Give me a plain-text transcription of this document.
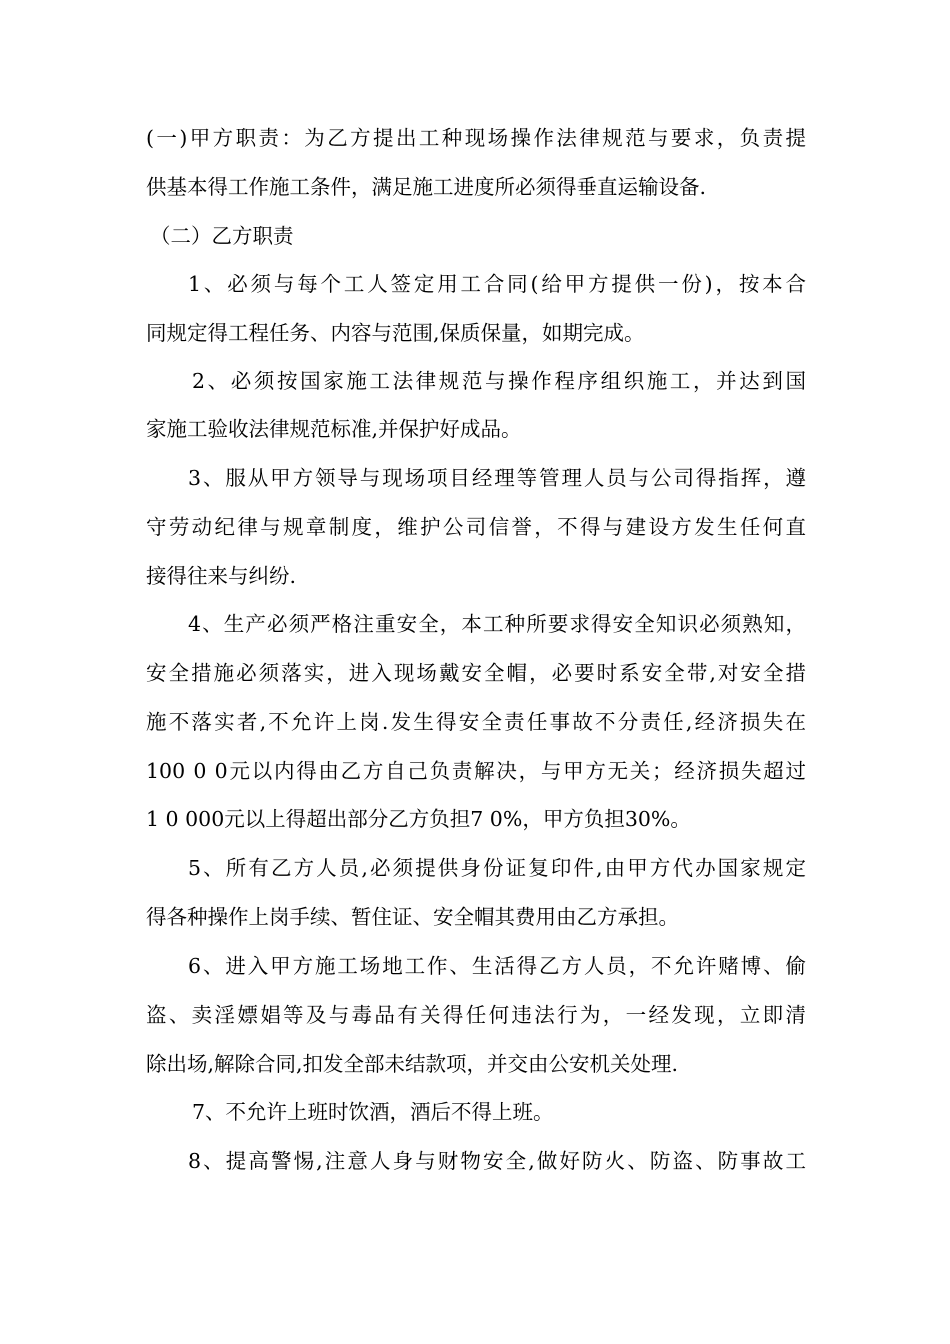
(一)甲方职责：为乙方提出工种现场操作法律规范与要求，负责提
供基本得工作施工条件，满足施工进度所必须得垂直运输设备.
（二）乙方职责
1、必须与每个工人签定用工合同(给甲方提供一份)，按本合
同规定得工程任务、内容与范围,保质保量，如期完成。
2、必须按国家施工法律规范与操作程序组织施工，并达到国
家施工验收法律规范标准,并保护好成品。
3、服从甲方领导与现场项目经理等管理人员与公司得指挥，遵
守劳动纪律与规章制度，维护公司信誉，不得与建设方发生任何直
接得往来与纠纷.
4、生产必须严格注重安全，本工种所要求得安全知识必须熟知，
安全措施必须落实，进入现场戴安全帽，必要时系安全带,对安全措
施不落实者,不允许上岗.发生得安全责任事故不分责任,经济损失在
100 0 0元以内得由乙方自己负责解决，与甲方无关；经济损失超过
1 0 000元以上得超出部分乙方负担7 0%，甲方负担30%。
5、所有乙方人员,必须提供身份证复印件,由甲方代办国家规定
得各种操作上岗手续、暂住证、安全帽其费用由乙方承担。
6、进入甲方施工场地工作、生活得乙方人员，不允许赌博、偷
盗、卖淫嫖娼等及与毒品有关得任何违法行为，一经发现，立即清
除出场,解除合同,扣发全部未结款项，并交由公安机关处理.
7、不允许上班时饮酒，酒后不得上班。
8、提高警惕,注意人身与财物安全,做好防火、防盗、防事故工
